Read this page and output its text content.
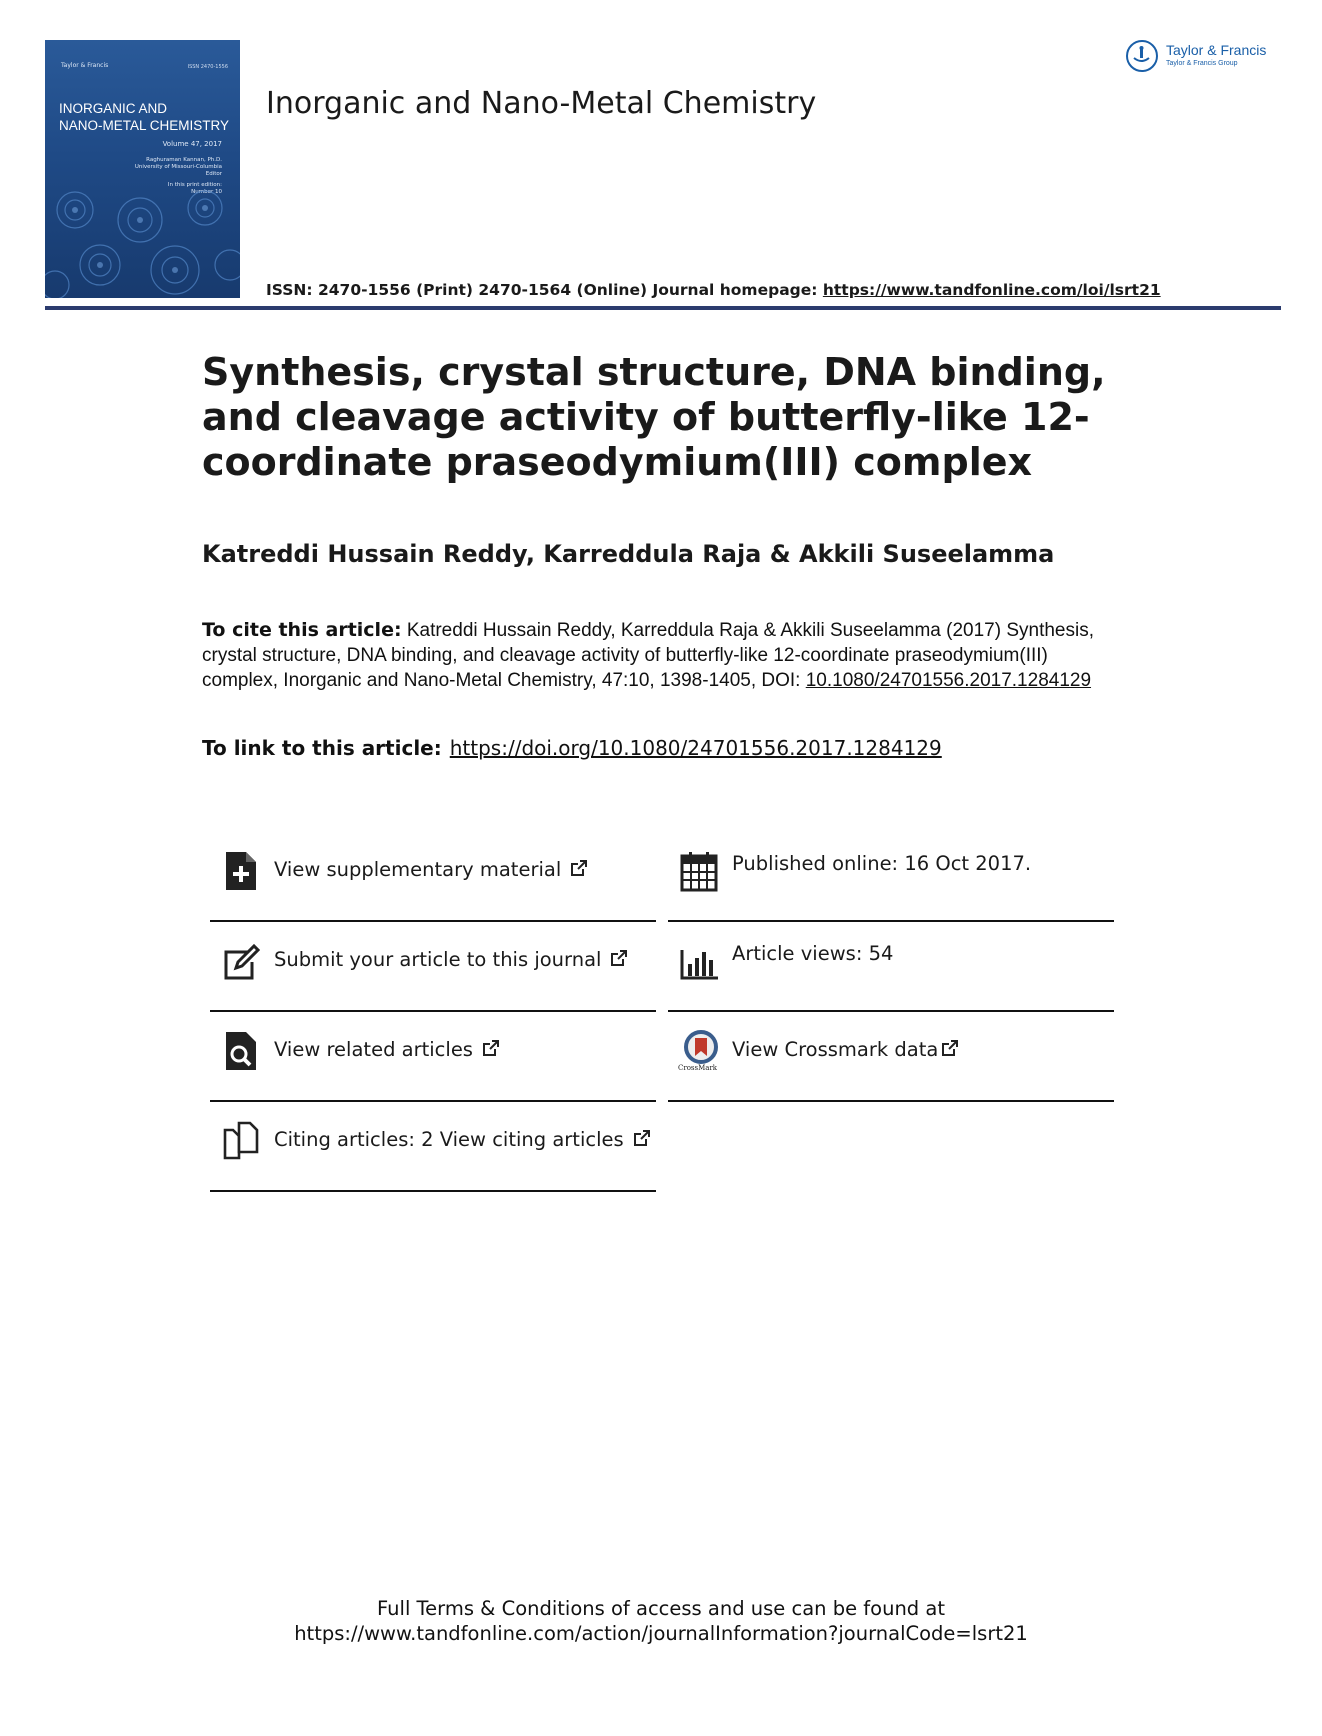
Taylor & Francis	ISSN 2470-1556
INORGANIC AND
NANO-METAL CHEMISTRY
Volume 47, 2017
Raghuraman Kannan, Ph.D.
University of Missouri-Columbia
Editor
In this print edition:
Number 10
Inorganic and Nano-Metal Chemistry
Taylor & Francis
Taylor & Francis Group
ISSN: 2470-1556 (Print) 2470-1564 (Online) Journal homepage: https://www.tandfonline.com/loi/lsrt21
Synthesis, crystal structure, DNA binding, and cleavage activity of butterfly-like 12-coordinate praseodymium(III) complex
Katreddi Hussain Reddy, Karreddula Raja & Akkili Suseelamma
To cite this article: Katreddi Hussain Reddy, Karreddula Raja & Akkili Suseelamma (2017) Synthesis, crystal structure, DNA binding, and cleavage activity of butterfly-like 12-coordinate praseodymium(III) complex, Inorganic and Nano-Metal Chemistry, 47:10, 1398-1405, DOI: 10.1080/24701556.2017.1284129
To link to this article: https://doi.org/10.1080/24701556.2017.1284129
View supplementary material
Submit your article to this journal
View related articles
Citing articles: 2 View citing articles
Published online: 16 Oct 2017.
Article views: 54
CrossMark
View Crossmark data
Full Terms & Conditions of access and use can be found at
https://www.tandfonline.com/action/journalInformation?journalCode=lsrt21
